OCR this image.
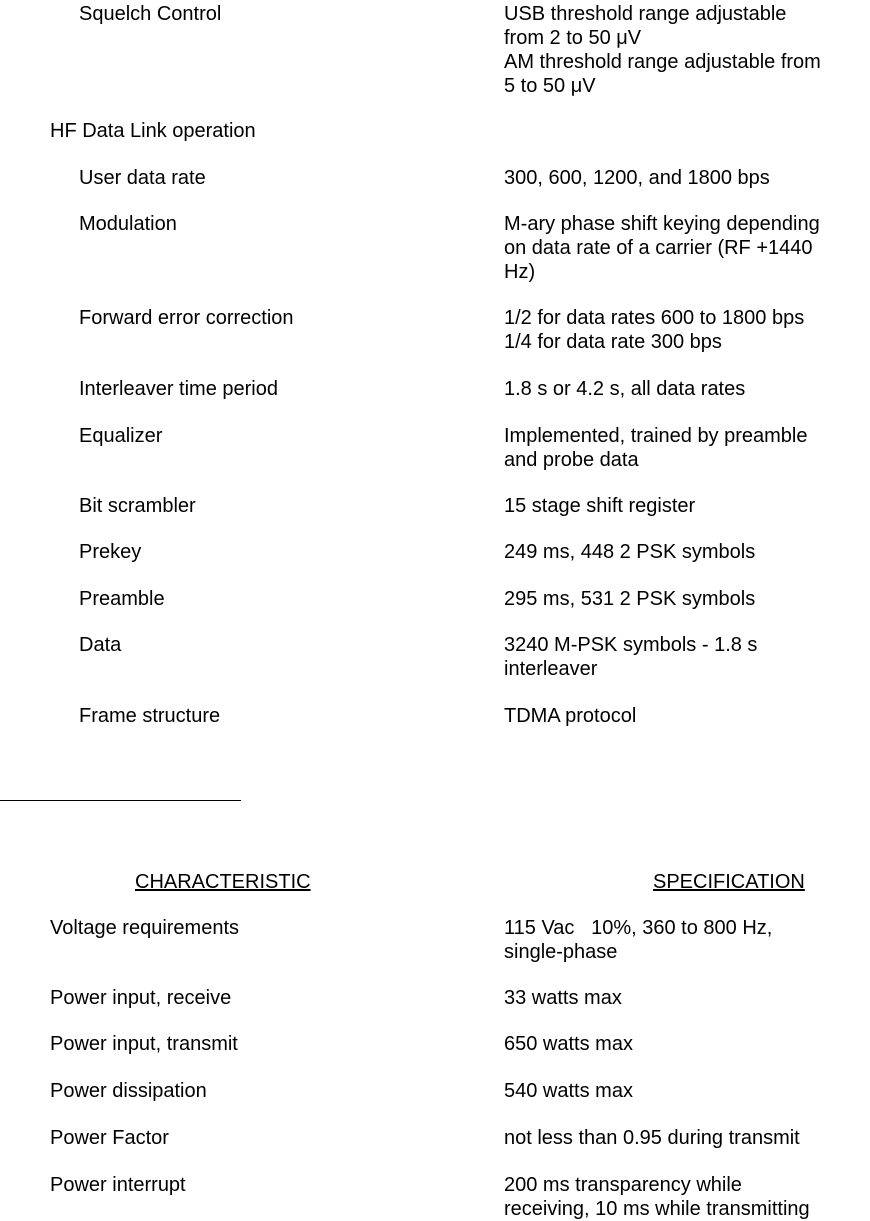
Squelch Control	USB threshold range adjustable
from 2 to 50 μV
AM threshold range adjustable from
5 to 50 μV
HF Data Link operation
User data rate	300, 600, 1200, and 1800 bps
Modulation	M-ary phase shift keying depending
on data rate of a carrier (RF +1440
Hz)
Forward error correction	1/2 for data rates 600 to 1800 bps
1/4 for data rate 300 bps
Interleaver time period	1.8 s or 4.2 s, all data rates
Equalizer	Implemented, trained by preamble
and probe data
Bit scrambler	15 stage shift register
Prekey	249 ms, 448 2 PSK symbols
Preamble	295 ms, 531 2 PSK symbols
Data	3240 M-PSK symbols - 1.8 s
interleaver
Frame structure	TDMA protocol
CHARACTERISTIC	SPECIFICATION
Voltage requirements	115 Vac   10%, 360 to 800 Hz,
single-phase
Power input, receive	33 watts max
Power input, transmit	650 watts max
Power dissipation	540 watts max
Power Factor	not less than 0.95 during transmit
Power interrupt	200 ms transparency while
receiving, 10 ms while transmitting
